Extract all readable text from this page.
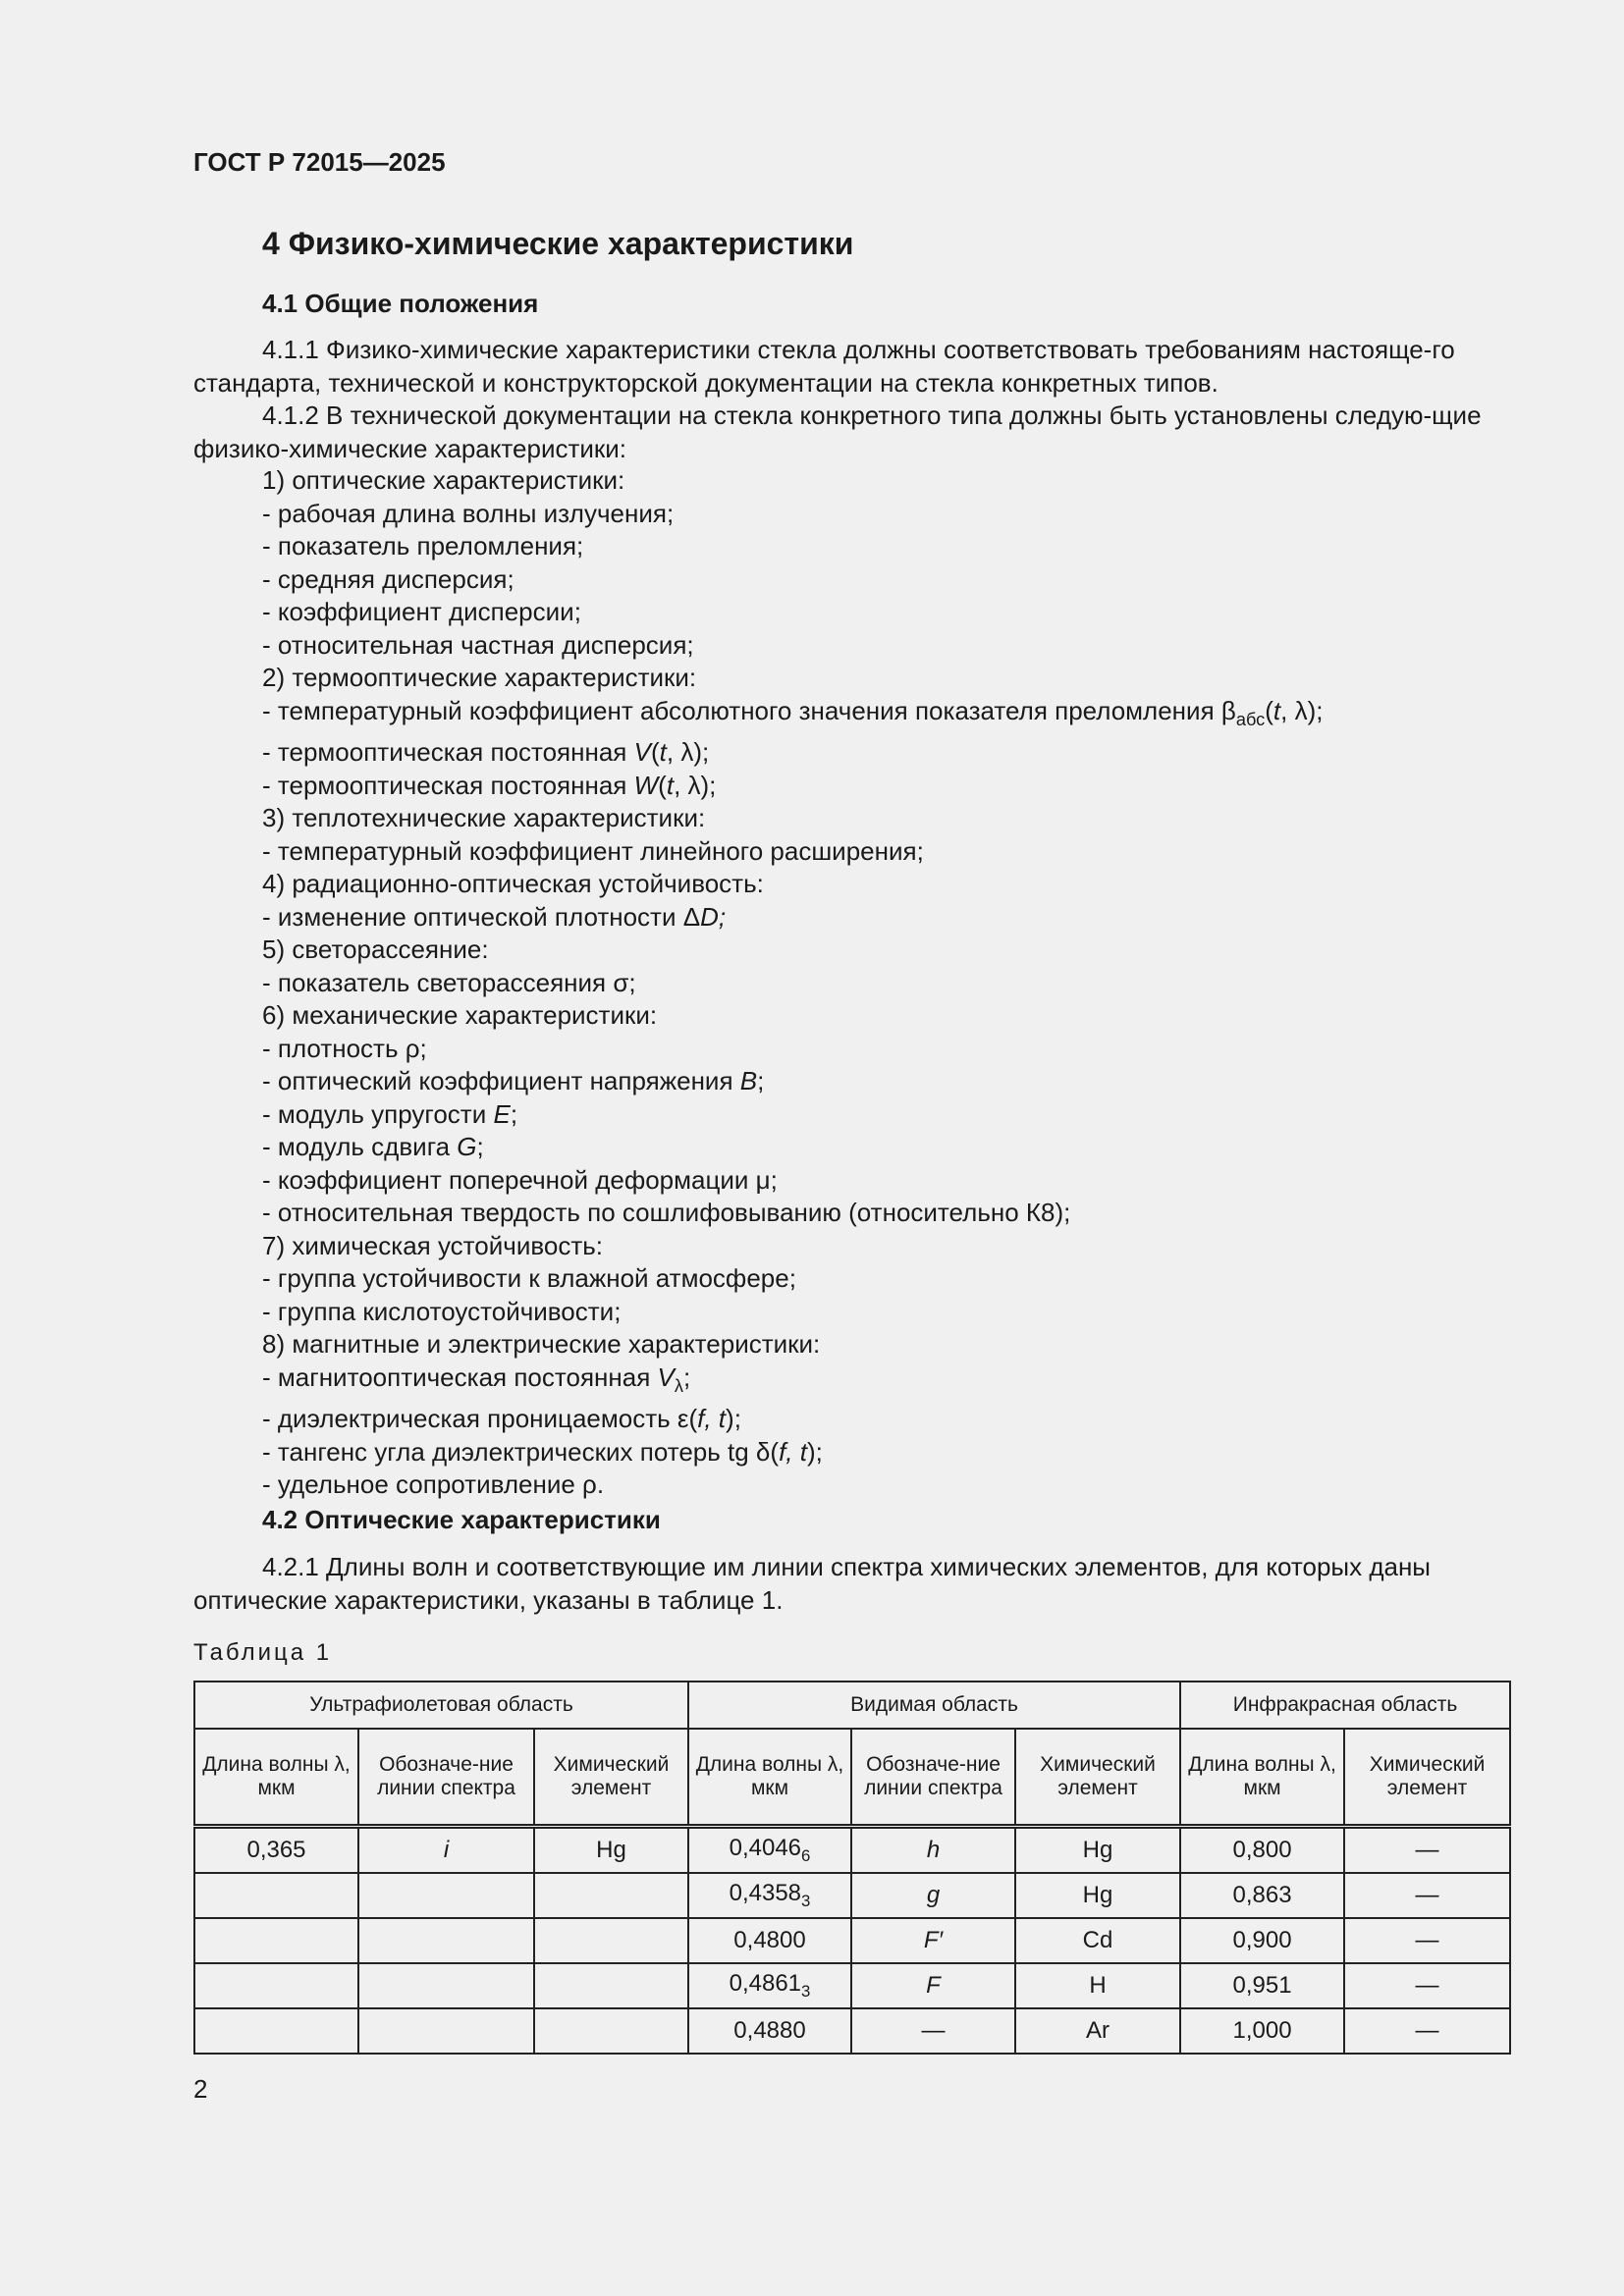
ГОСТ Р 72015—2025
4 Физико-химические характеристики
4.1 Общие положения

4.1.1 Физико-химические характеристики стекла должны соответствовать требованиям настояще-го стандарта, технической и конструкторской документации на стекла конкретных типов.

4.1.2 В технической документации на стекла конкретного типа должны быть установлены следую-щие физико-химические характеристики:

1) оптические характеристики:
- рабочая длина волны излучения;
- показатель преломления;
- средняя дисперсия;
- коэффициент дисперсии;
- относительная частная дисперсия;
2) термооптические характеристики:
- температурный коэффициент абсолютного значения показателя преломления $\beta_{абс}(t$, λ);
- термооптическая постоянная V(t, λ);
- термооптическая постоянная W(t, λ);
3) теплотехнические характеристики:
- температурный коэффициент линейного расширения;
4) радиационно-оптическая устойчивость:
- изменение оптической плотности ΔD;
5) светорассеяние:
- показатель светорассеяния σ;
6) механические характеристики:
- плотность ρ;
- оптический коэффициент напряжения B;
- модуль упругости E;
- модуль сдвига G;
- коэффициент поперечной деформации μ;
- относительная твердость по сошлифовыванию (относительно К8);
7) химическая устойчивость:
- группа устойчивости к влажной атмосфере;
- группа кислотоустойчивости;
8) магнитные и электрические характеристики:
- магнитооптическая постоянная $V_\lambda$;
- диэлектрическая проницаемость ε(f, t);
- тангенс угла диэлектрических потерь tg δ(f, t);
- удельное сопротивление ρ.
4.2 Оптические характеристики

4.2.1 Длины волн и соответствующие им линии спектра химических элементов, для которых даны оптические характеристики, указаны в таблице 1.

Таблица 1
Ультрафиолетовая область			Видимая область			Инфракрасная область	
Длина волны λ, мкм	Обозначе-ние линии спектра	Химический элемент	Длина волны λ, мкм	Обозначе-ние линии спектра	Химический элемент	Длина волны λ, мкм	Химический элемент
0,365	i	Hg	$0,4046_6$	h	Hg	0,800	—
			$0,4358_3$	g	Hg	0,863	—
			0,4800	F′	Cd	0,900	—
			$0,4861_3$	F	H	0,951	—
			0,4880	—	Ar	1,000	—
2
